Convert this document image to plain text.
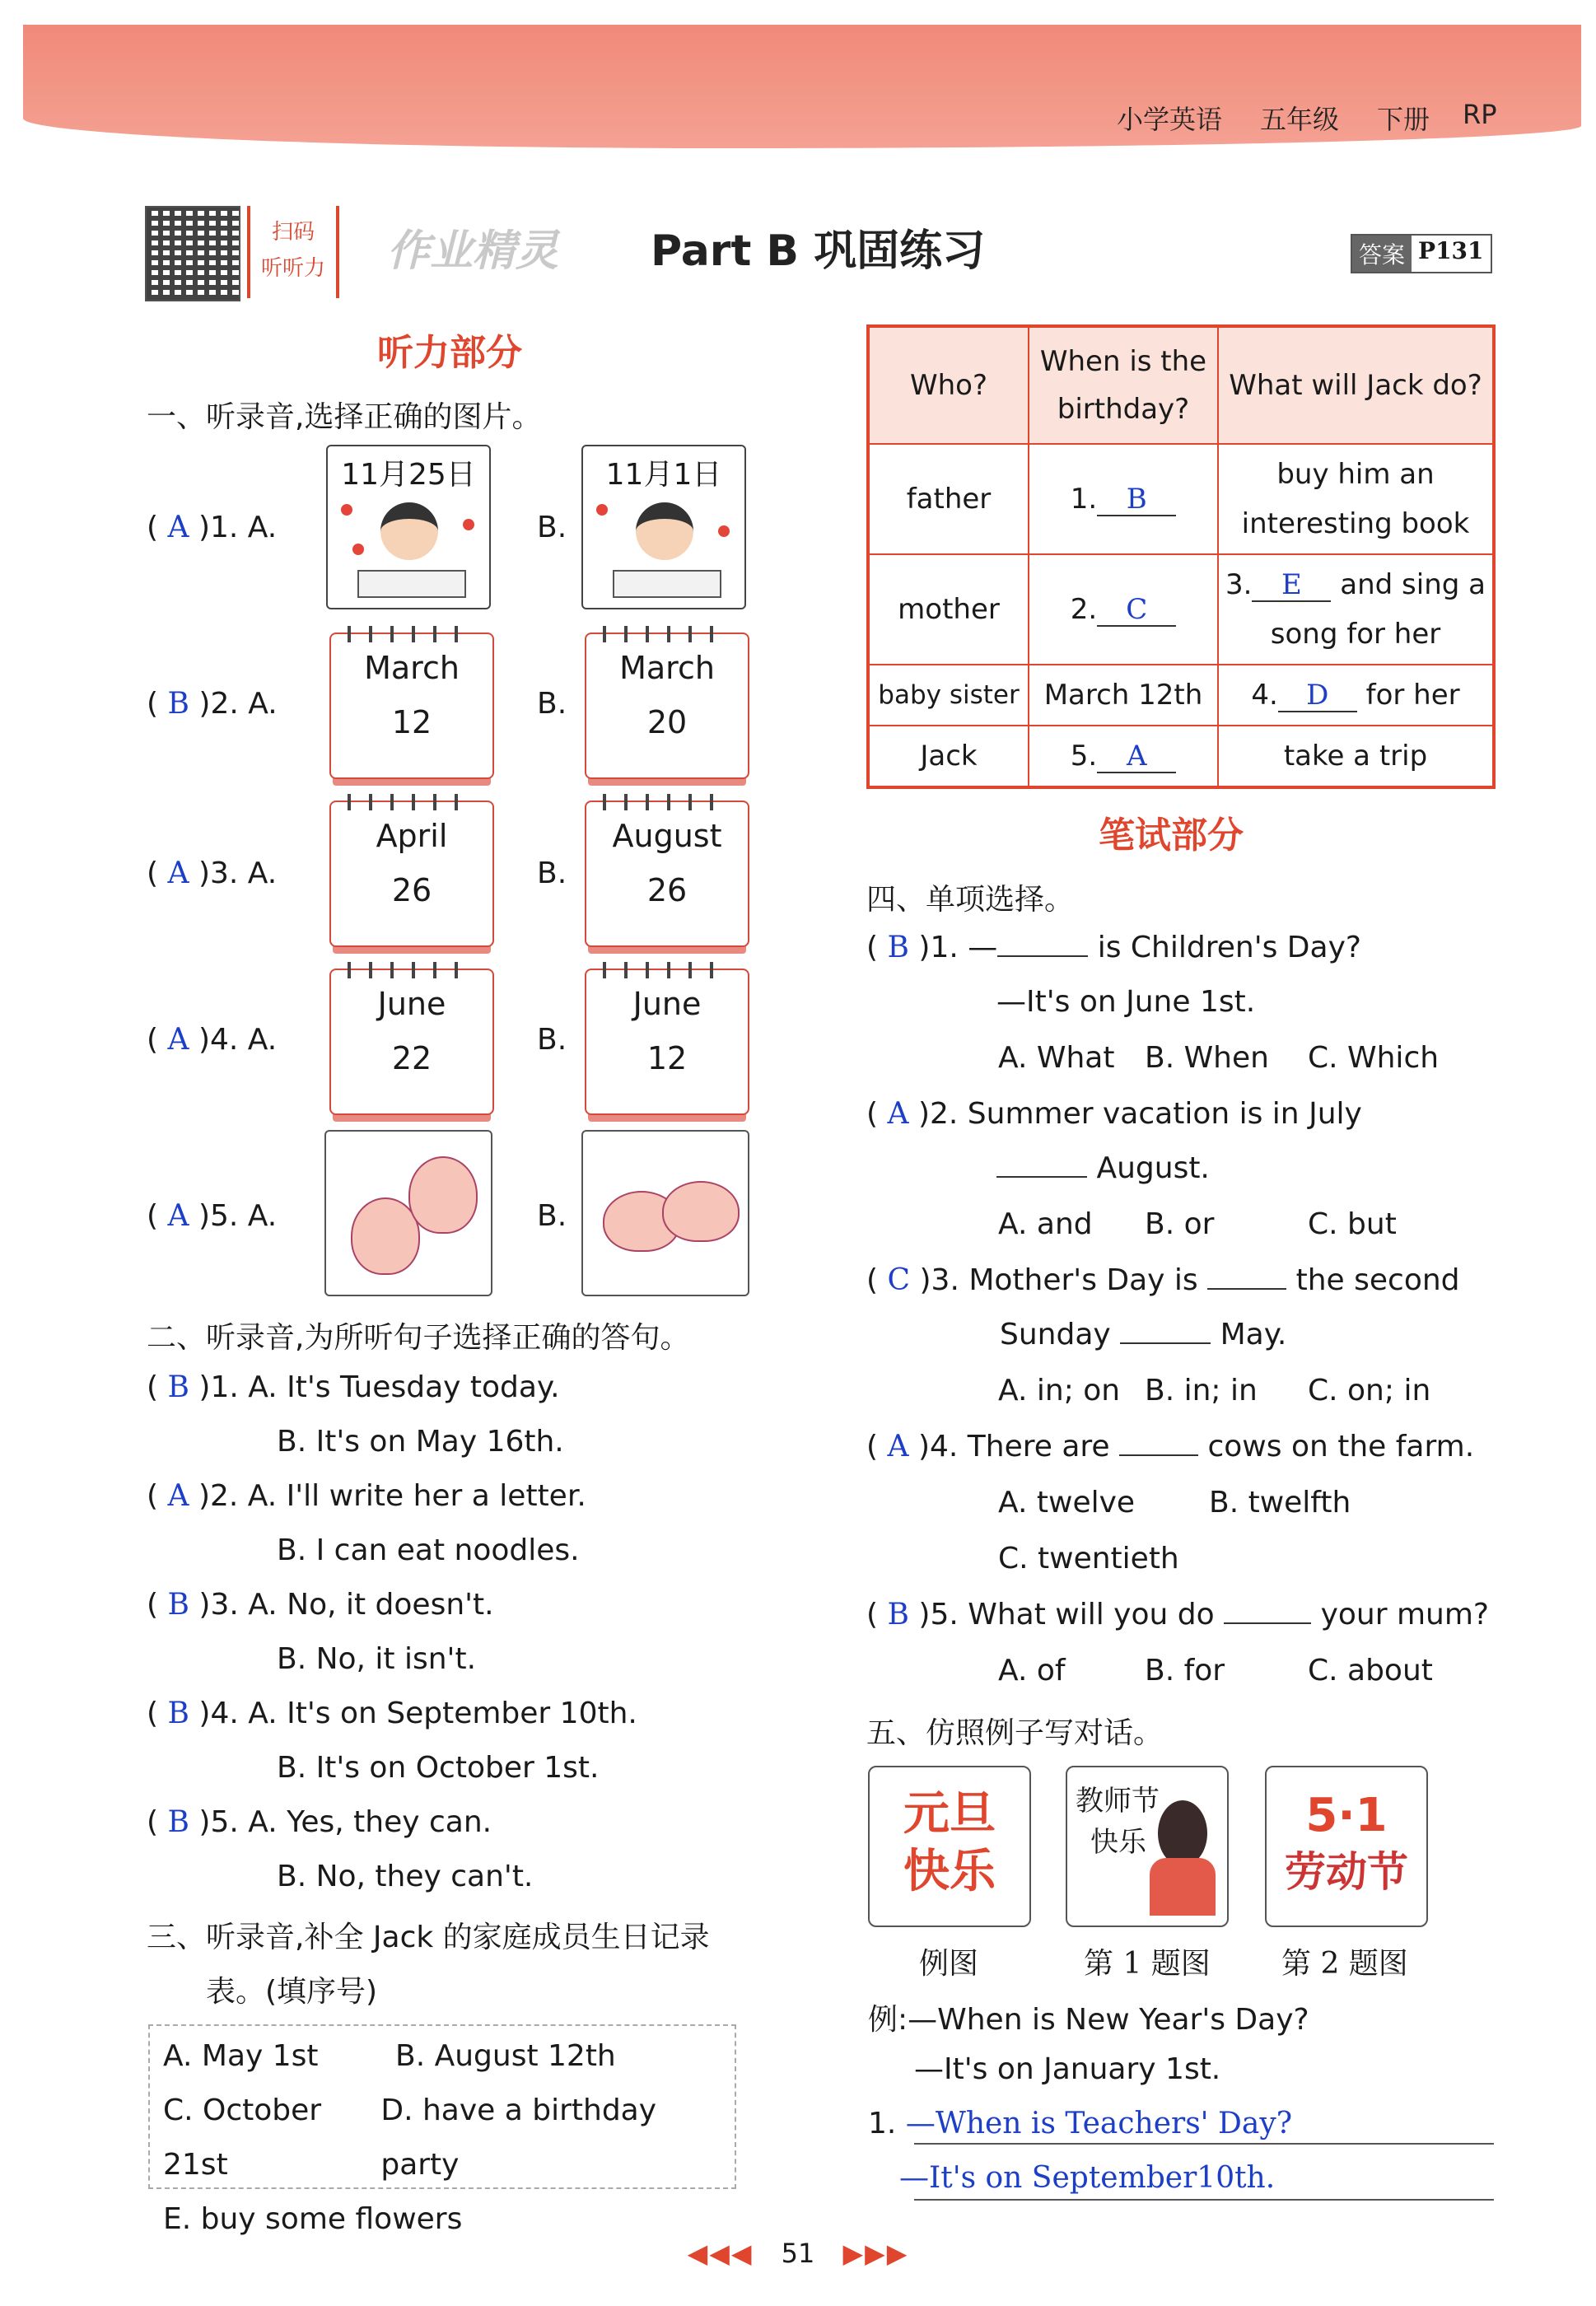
小学英语 五年级 下册 RP
扫码
听听力 作业精灵 Part B 巩固练习	答案 P131
听力部分
一、听录音,选择正确的图片。
( A )1. A.
11月25日
B.
11月1日
( B )2. A.
March
12
B.
March
20
( A )3. A.
April
26	B.
August
26
( A )4. A.
June
22
B.
June
12
( A )5. A.	B.
二、听录音,为所听句子选择正确的答句。
( B )1. A. It's Tuesday today.
B. It's on May 16th.
( A )2. A. I'll write her a letter.
B. I can eat noodles.
( B )3. A. No, it doesn't.
B. No, it isn't.
( B )4. A. It's on September 10th.
B. It's on October 1st.
( B )5. A. Yes, they can.
B. No, they can't.
三、听录音,补全 Jack 的家庭成员生日记录
表。(填序号)
A. May 1st	B. August 12th
C. October 21st
D. have a birthday party
E. buy some flowers
Who?	When is the
birthday?	What will Jack do?
father	1. B	buy him an
interesting book

mother	2. C	3. E and sing a
song for her

baby sister	March 12th	4. D for her
Jack	5. A	take a trip
笔试部分
四、单项选择。
( B )1. —	is Children's Day?
—It's on June 1st.
A. What B. When C. Which
( A )2. Summer vacation is in July
August.
A. and B. or	C. but
( C )3. Mother's Day is	the second
Sunday	May.
A. in; on B. in; in C. on; in
( A )4. There are	cows on the farm.
A. twelve B. twelfth
C. twentieth
( B )5. What will you do	your mum?
A. of	B. for	C. about
五、仿照例子写对话。
元旦
快乐
教师节
快乐	5·1
劳动节
例图	第 1 题图 第 2 题图
例:—When is New Year's Day?
—It's on January 1st.
1. —When is Teachers' Day?
—It's on September10th.
◀◀◀ 51 ▶▶▶
